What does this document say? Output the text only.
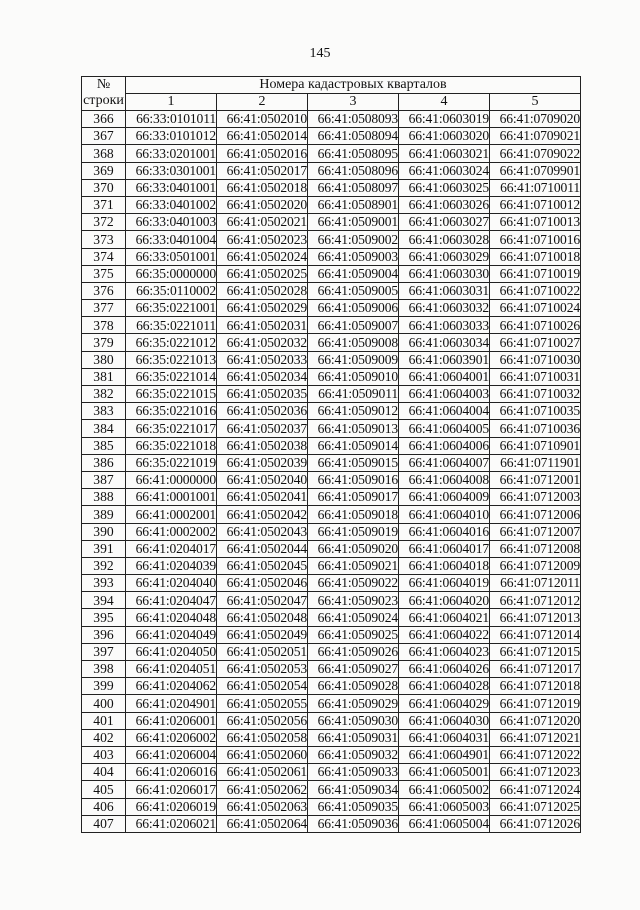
145
№
строки	Номера кадастровых кварталов				
	1	2	3	4	5
366	66:33:0101011	66:41:0502010	66:41:0508093	66:41:0603019	66:41:0709020
367	66:33:0101012	66:41:0502014	66:41:0508094	66:41:0603020	66:41:0709021
368	66:33:0201001	66:41:0502016	66:41:0508095	66:41:0603021	66:41:0709022
369	66:33:0301001	66:41:0502017	66:41:0508096	66:41:0603024	66:41:0709901
370	66:33:0401001	66:41:0502018	66:41:0508097	66:41:0603025	66:41:0710011
371	66:33:0401002	66:41:0502020	66:41:0508901	66:41:0603026	66:41:0710012
372	66:33:0401003	66:41:0502021	66:41:0509001	66:41:0603027	66:41:0710013
373	66:33:0401004	66:41:0502023	66:41:0509002	66:41:0603028	66:41:0710016
374	66:33:0501001	66:41:0502024	66:41:0509003	66:41:0603029	66:41:0710018
375	66:35:0000000	66:41:0502025	66:41:0509004	66:41:0603030	66:41:0710019
376	66:35:0110002	66:41:0502028	66:41:0509005	66:41:0603031	66:41:0710022
377	66:35:0221001	66:41:0502029	66:41:0509006	66:41:0603032	66:41:0710024
378	66:35:0221011	66:41:0502031	66:41:0509007	66:41:0603033	66:41:0710026
379	66:35:0221012	66:41:0502032	66:41:0509008	66:41:0603034	66:41:0710027
380	66:35:0221013	66:41:0502033	66:41:0509009	66:41:0603901	66:41:0710030
381	66:35:0221014	66:41:0502034	66:41:0509010	66:41:0604001	66:41:0710031
382	66:35:0221015	66:41:0502035	66:41:0509011	66:41:0604003	66:41:0710032
383	66:35:0221016	66:41:0502036	66:41:0509012	66:41:0604004	66:41:0710035
384	66:35:0221017	66:41:0502037	66:41:0509013	66:41:0604005	66:41:0710036
385	66:35:0221018	66:41:0502038	66:41:0509014	66:41:0604006	66:41:0710901
386	66:35:0221019	66:41:0502039	66:41:0509015	66:41:0604007	66:41:0711901
387	66:41:0000000	66:41:0502040	66:41:0509016	66:41:0604008	66:41:0712001
388	66:41:0001001	66:41:0502041	66:41:0509017	66:41:0604009	66:41:0712003
389	66:41:0002001	66:41:0502042	66:41:0509018	66:41:0604010	66:41:0712006
390	66:41:0002002	66:41:0502043	66:41:0509019	66:41:0604016	66:41:0712007
391	66:41:0204017	66:41:0502044	66:41:0509020	66:41:0604017	66:41:0712008
392	66:41:0204039	66:41:0502045	66:41:0509021	66:41:0604018	66:41:0712009
393	66:41:0204040	66:41:0502046	66:41:0509022	66:41:0604019	66:41:0712011
394	66:41:0204047	66:41:0502047	66:41:0509023	66:41:0604020	66:41:0712012
395	66:41:0204048	66:41:0502048	66:41:0509024	66:41:0604021	66:41:0712013
396	66:41:0204049	66:41:0502049	66:41:0509025	66:41:0604022	66:41:0712014
397	66:41:0204050	66:41:0502051	66:41:0509026	66:41:0604023	66:41:0712015
398	66:41:0204051	66:41:0502053	66:41:0509027	66:41:0604026	66:41:0712017
399	66:41:0204062	66:41:0502054	66:41:0509028	66:41:0604028	66:41:0712018
400	66:41:0204901	66:41:0502055	66:41:0509029	66:41:0604029	66:41:0712019
401	66:41:0206001	66:41:0502056	66:41:0509030	66:41:0604030	66:41:0712020
402	66:41:0206002	66:41:0502058	66:41:0509031	66:41:0604031	66:41:0712021
403	66:41:0206004	66:41:0502060	66:41:0509032	66:41:0604901	66:41:0712022
404	66:41:0206016	66:41:0502061	66:41:0509033	66:41:0605001	66:41:0712023
405	66:41:0206017	66:41:0502062	66:41:0509034	66:41:0605002	66:41:0712024
406	66:41:0206019	66:41:0502063	66:41:0509035	66:41:0605003	66:41:0712025
407	66:41:0206021	66:41:0502064	66:41:0509036	66:41:0605004	66:41:0712026
